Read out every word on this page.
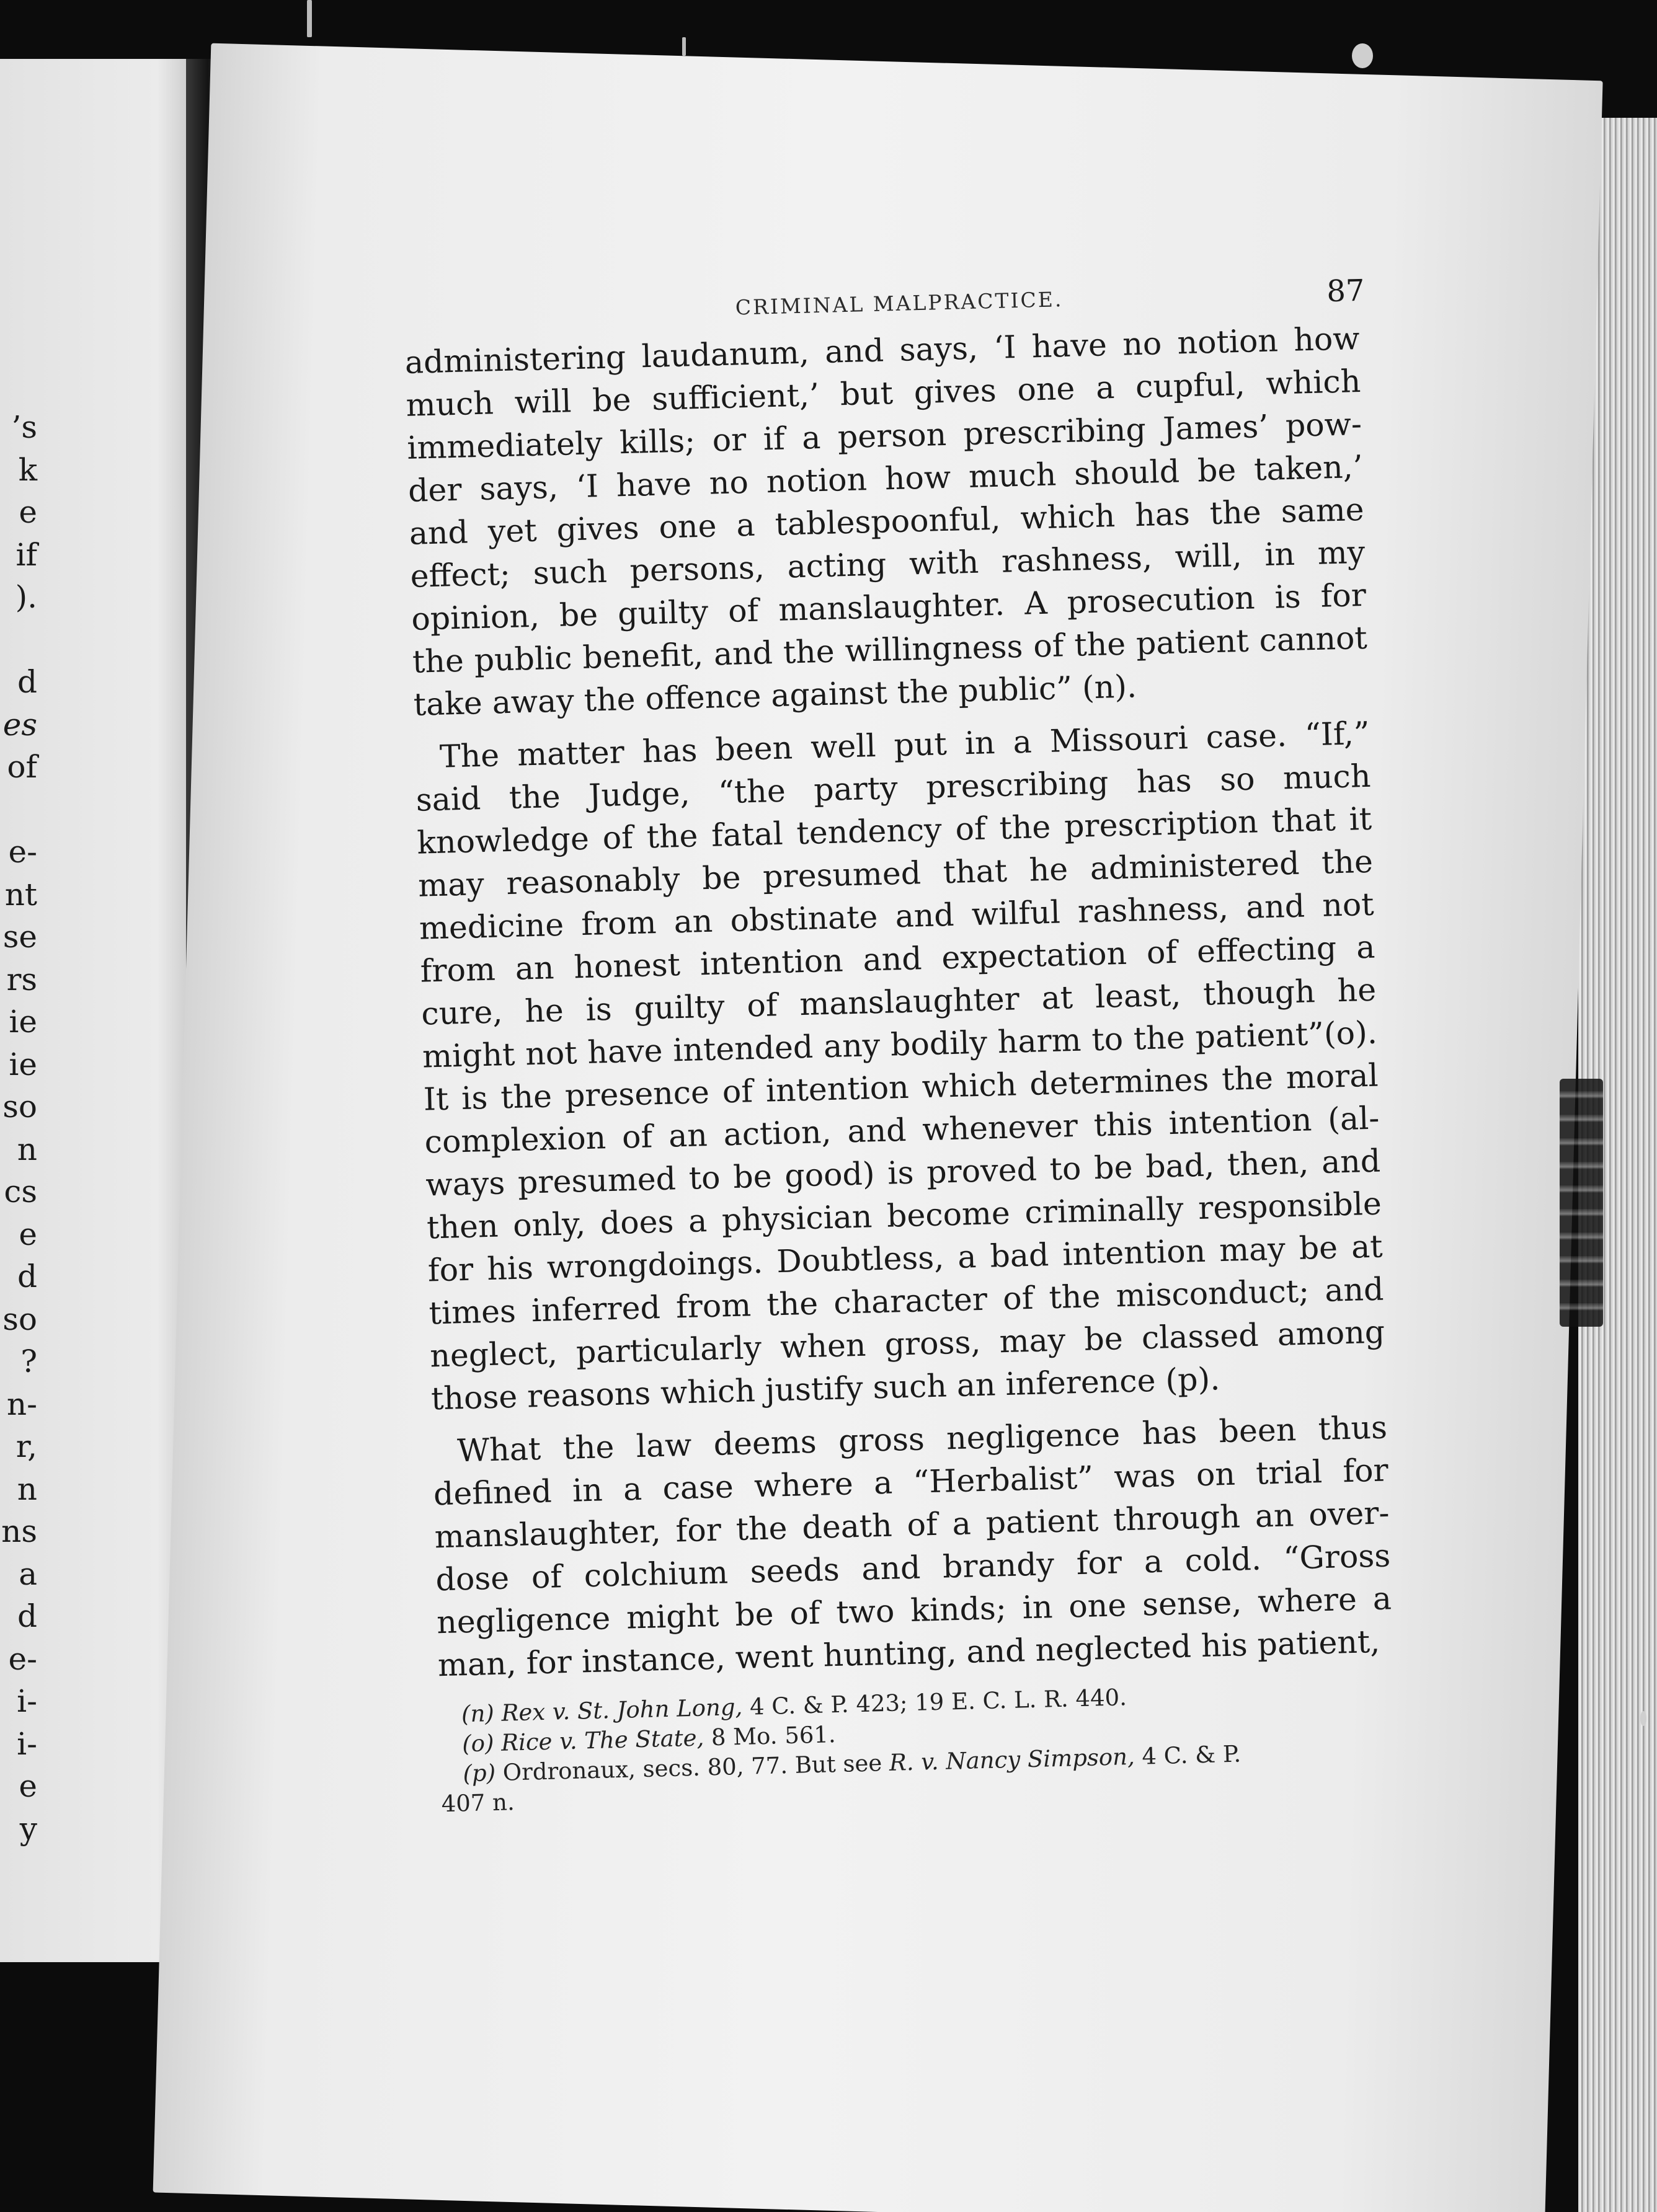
’s
k
e
if
).
d
es
of
e-
nt
se
rs
ie
ie
so
n
cs
e
d
so
?
n-
r,
n
ns
a
d
e-
i-
i-
e
y
CRIMINAL MALPRACTICE.	87

administering laudanum, and says, ‘I have no notion how
much will be sufficient,’ but gives one a cupful, which
immediately kills; or if a person prescribing James’ pow-
der says, ‘I have no notion how much should be taken,’
and yet gives one a tablespoonful, which has the same
effect; such persons, acting with rashness, will, in my
opinion, be guilty of manslaughter. A prosecution is for
the public benefit, and the willingness of the patient cannot
take away the offence against the public” (n).

The matter has been well put in a Missouri case. “If,”
said the Judge, “the party prescribing has so much
knowledge of the fatal tendency of the prescription that it
may reasonably be presumed that he administered the
medicine from an obstinate and wilful rashness, and not
from an honest intention and expectation of effecting a
cure, he is guilty of manslaughter at least, though he
might not have intended any bodily harm to the patient”(o).
It is the presence of intention which determines the moral
complexion of an action, and whenever this intention (al-
ways presumed to be good) is proved to be bad, then, and
then only, does a physician become criminally responsible
for his wrongdoings. Doubtless, a bad intention may be at
times inferred from the character of the misconduct; and
neglect, particularly when gross, may be classed among
those reasons which justify such an inference (p).

What the law deems gross negligence has been thus
defined in a case where a “Herbalist” was on trial for
manslaughter, for the death of a patient through an over-
dose of colchium seeds and brandy for a cold. “Gross
negligence might be of two kinds; in one sense, where a
man, for instance, went hunting, and neglected his patient,

(n) Rex v. St. John Long, 4 C. & P. 423; 19 E. C. L. R. 440.
(o) Rice v. The State, 8 Mo. 561.
(p) Ordronaux, secs. 80, 77. But see R. v. Nancy Simpson, 4 C. & P.
407 n.
